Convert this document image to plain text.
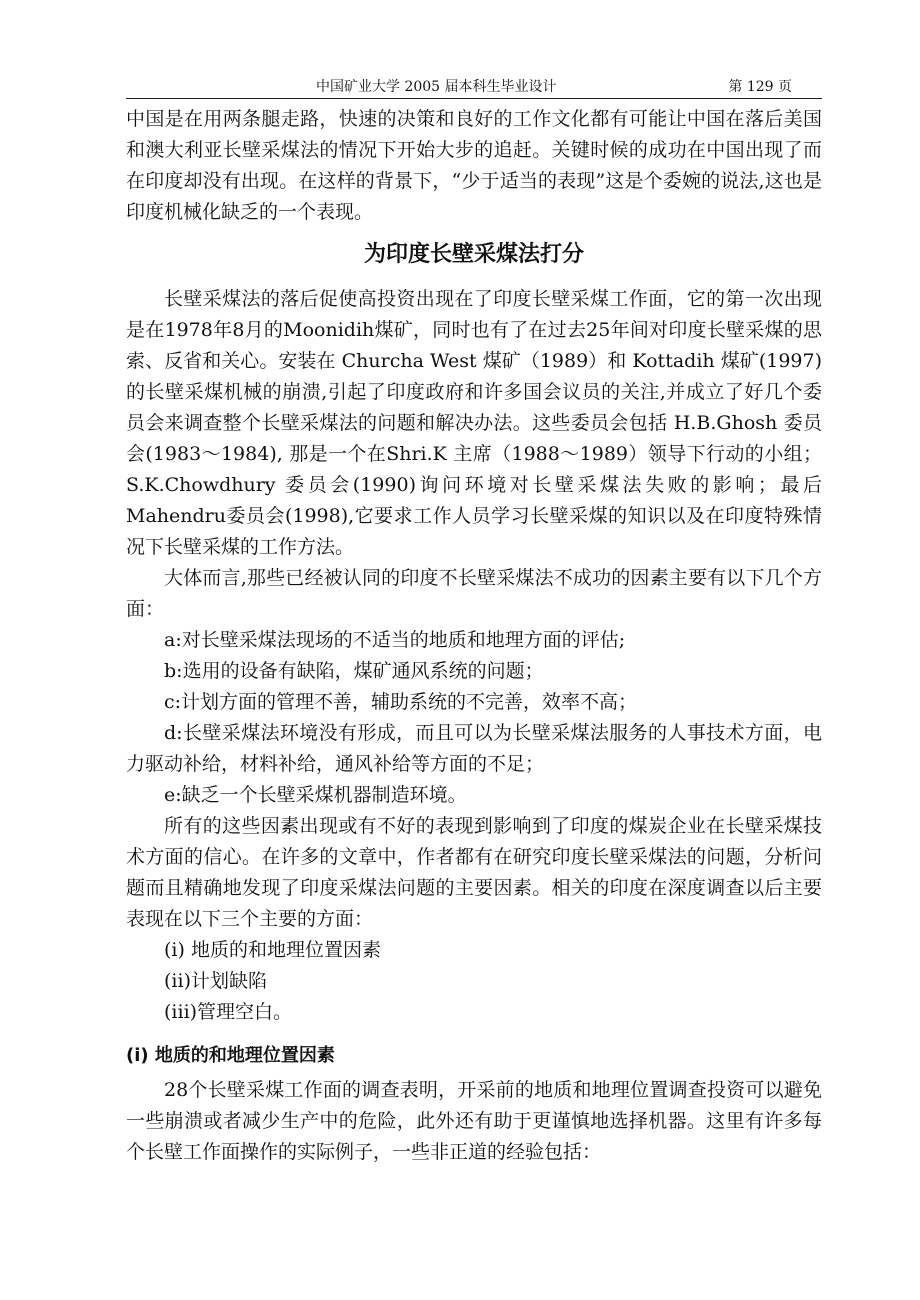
中国矿业大学 2005 届本科生毕业设计	第 129 页

中国是在用两条腿走路，快速的决策和良好的工作文化都有可能让中国在落后美国和澳大利亚长壁采煤法的情况下开始大步的追赶。关键时候的成功在中国出现了而在印度却没有出现。在这样的背景下，“少于适当的表现”这是个委婉的说法,这也是印度机械化缺乏的一个表现。

为印度长壁采煤法打分

长壁采煤法的落后促使高投资出现在了印度长壁采煤工作面，它的第一次出现是在1978年8月的Moonidih煤矿，同时也有了在过去25年间对印度长壁采煤的思索、反省和关心。安装在 Churcha West 煤矿（1989）和 Kottadih 煤矿(1997)的长壁采煤机械的崩溃,引起了印度政府和许多国会议员的关注,并成立了好几个委员会来调查整个长壁采煤法的问题和解决办法。这些委员会包括 H.B.Ghosh 委员会(1983～1984), 那是一个在Shri.K 主席（1988～1989）领导下行动的小组；S.K.Chowdhury 委员会(1990)询问环境对长壁采煤法失败的影响；最后Mahendru委员会(1998),它要求工作人员学习长壁采煤的知识以及在印度特殊情况下长壁采煤的工作方法。

大体而言,那些已经被认同的印度不长壁采煤法不成功的因素主要有以下几个方面：

a:对长壁采煤法现场的不适当的地质和地理方面的评估;

b:选用的设备有缺陷，煤矿通风系统的问题；

c:计划方面的管理不善，辅助系统的不完善，效率不高；

d:长壁采煤法环境没有形成，而且可以为长壁采煤法服务的人事技术方面，电力驱动补给，材料补给，通风补给等方面的不足；

e:缺乏一个长壁采煤机器制造环境。

所有的这些因素出现或有不好的表现到影响到了印度的煤炭企业在长壁采煤技术方面的信心。在许多的文章中，作者都有在研究印度长壁采煤法的问题，分析问题而且精确地发现了印度采煤法问题的主要因素。相关的印度在深度调查以后主要表现在以下三个主要的方面：

(i) 地质的和地理位置因素

(ii)计划缺陷

(iii)管理空白。

(i) 地质的和地理位置因素

28个长壁采煤工作面的调查表明，开采前的地质和地理位置调查投资可以避免一些崩溃或者减少生产中的危险，此外还有助于更谨慎地选择机器。这里有许多每个长壁工作面操作的实际例子，一些非正道的经验包括：
